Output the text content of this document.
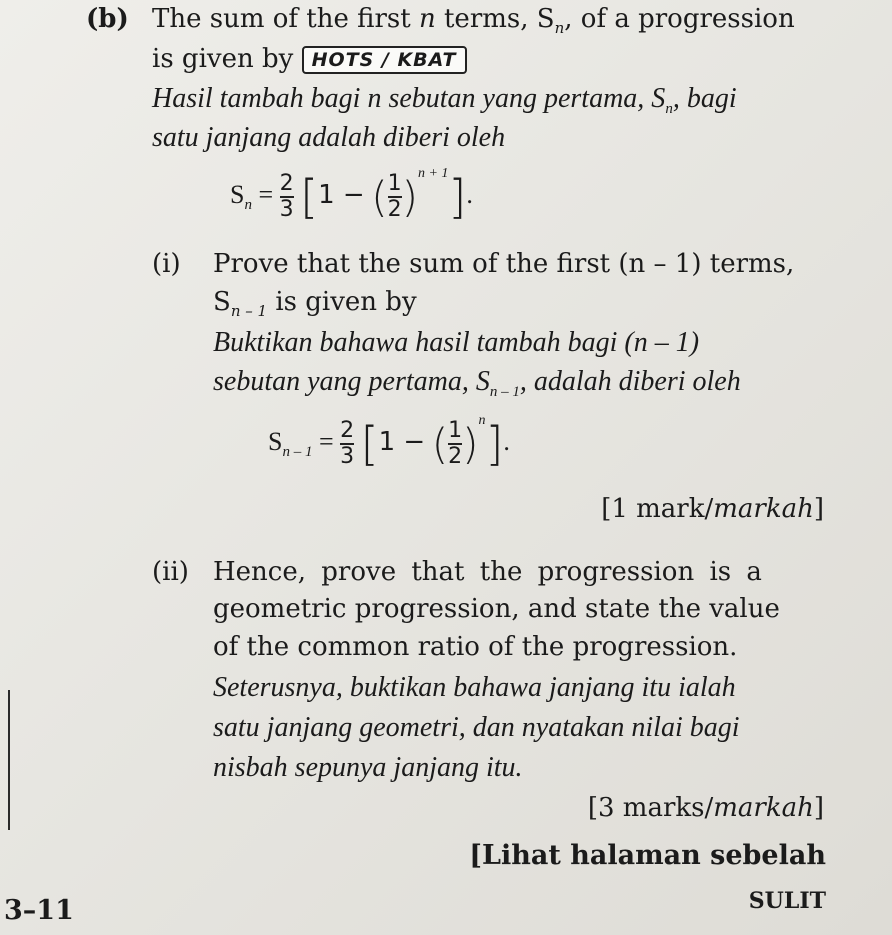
(b) The sum of the first n terms, $S_n$, of a progression
is given by HOTS / KBAT
Hasil tambah bagi n sebutan yang pertama, $S_n$, bagi
satu janjang adalah diberi oleh
$S_n = \frac{2}{3} [1$ − ( $\frac{1}{2} )^{n + 1}$].
(i) Prove that the sum of the first (n – 1) terms,
$S_{n - 1}$ is given by
Buktikan bahawa hasil tambah bagi (n – 1)
sebutan yang pertama, $S_{n - 1}$, adalah diberi oleh
$S_{n - 1} = \frac{2}{3} [1$ − ( $\frac{1}{2} )^n$].
[1 mark/markah]
(ii) Hence, prove that the progression is a
geometric progression, and state the value
of the common ratio of the progression.
Seterusnya, buktikan bahawa janjang itu ialah
satu janjang geometri, dan nyatakan nilai bagi
nisbah sepunya janjang itu.
[3 marks/markah]
[Lihat halaman sebelah
3–11	SULIT
